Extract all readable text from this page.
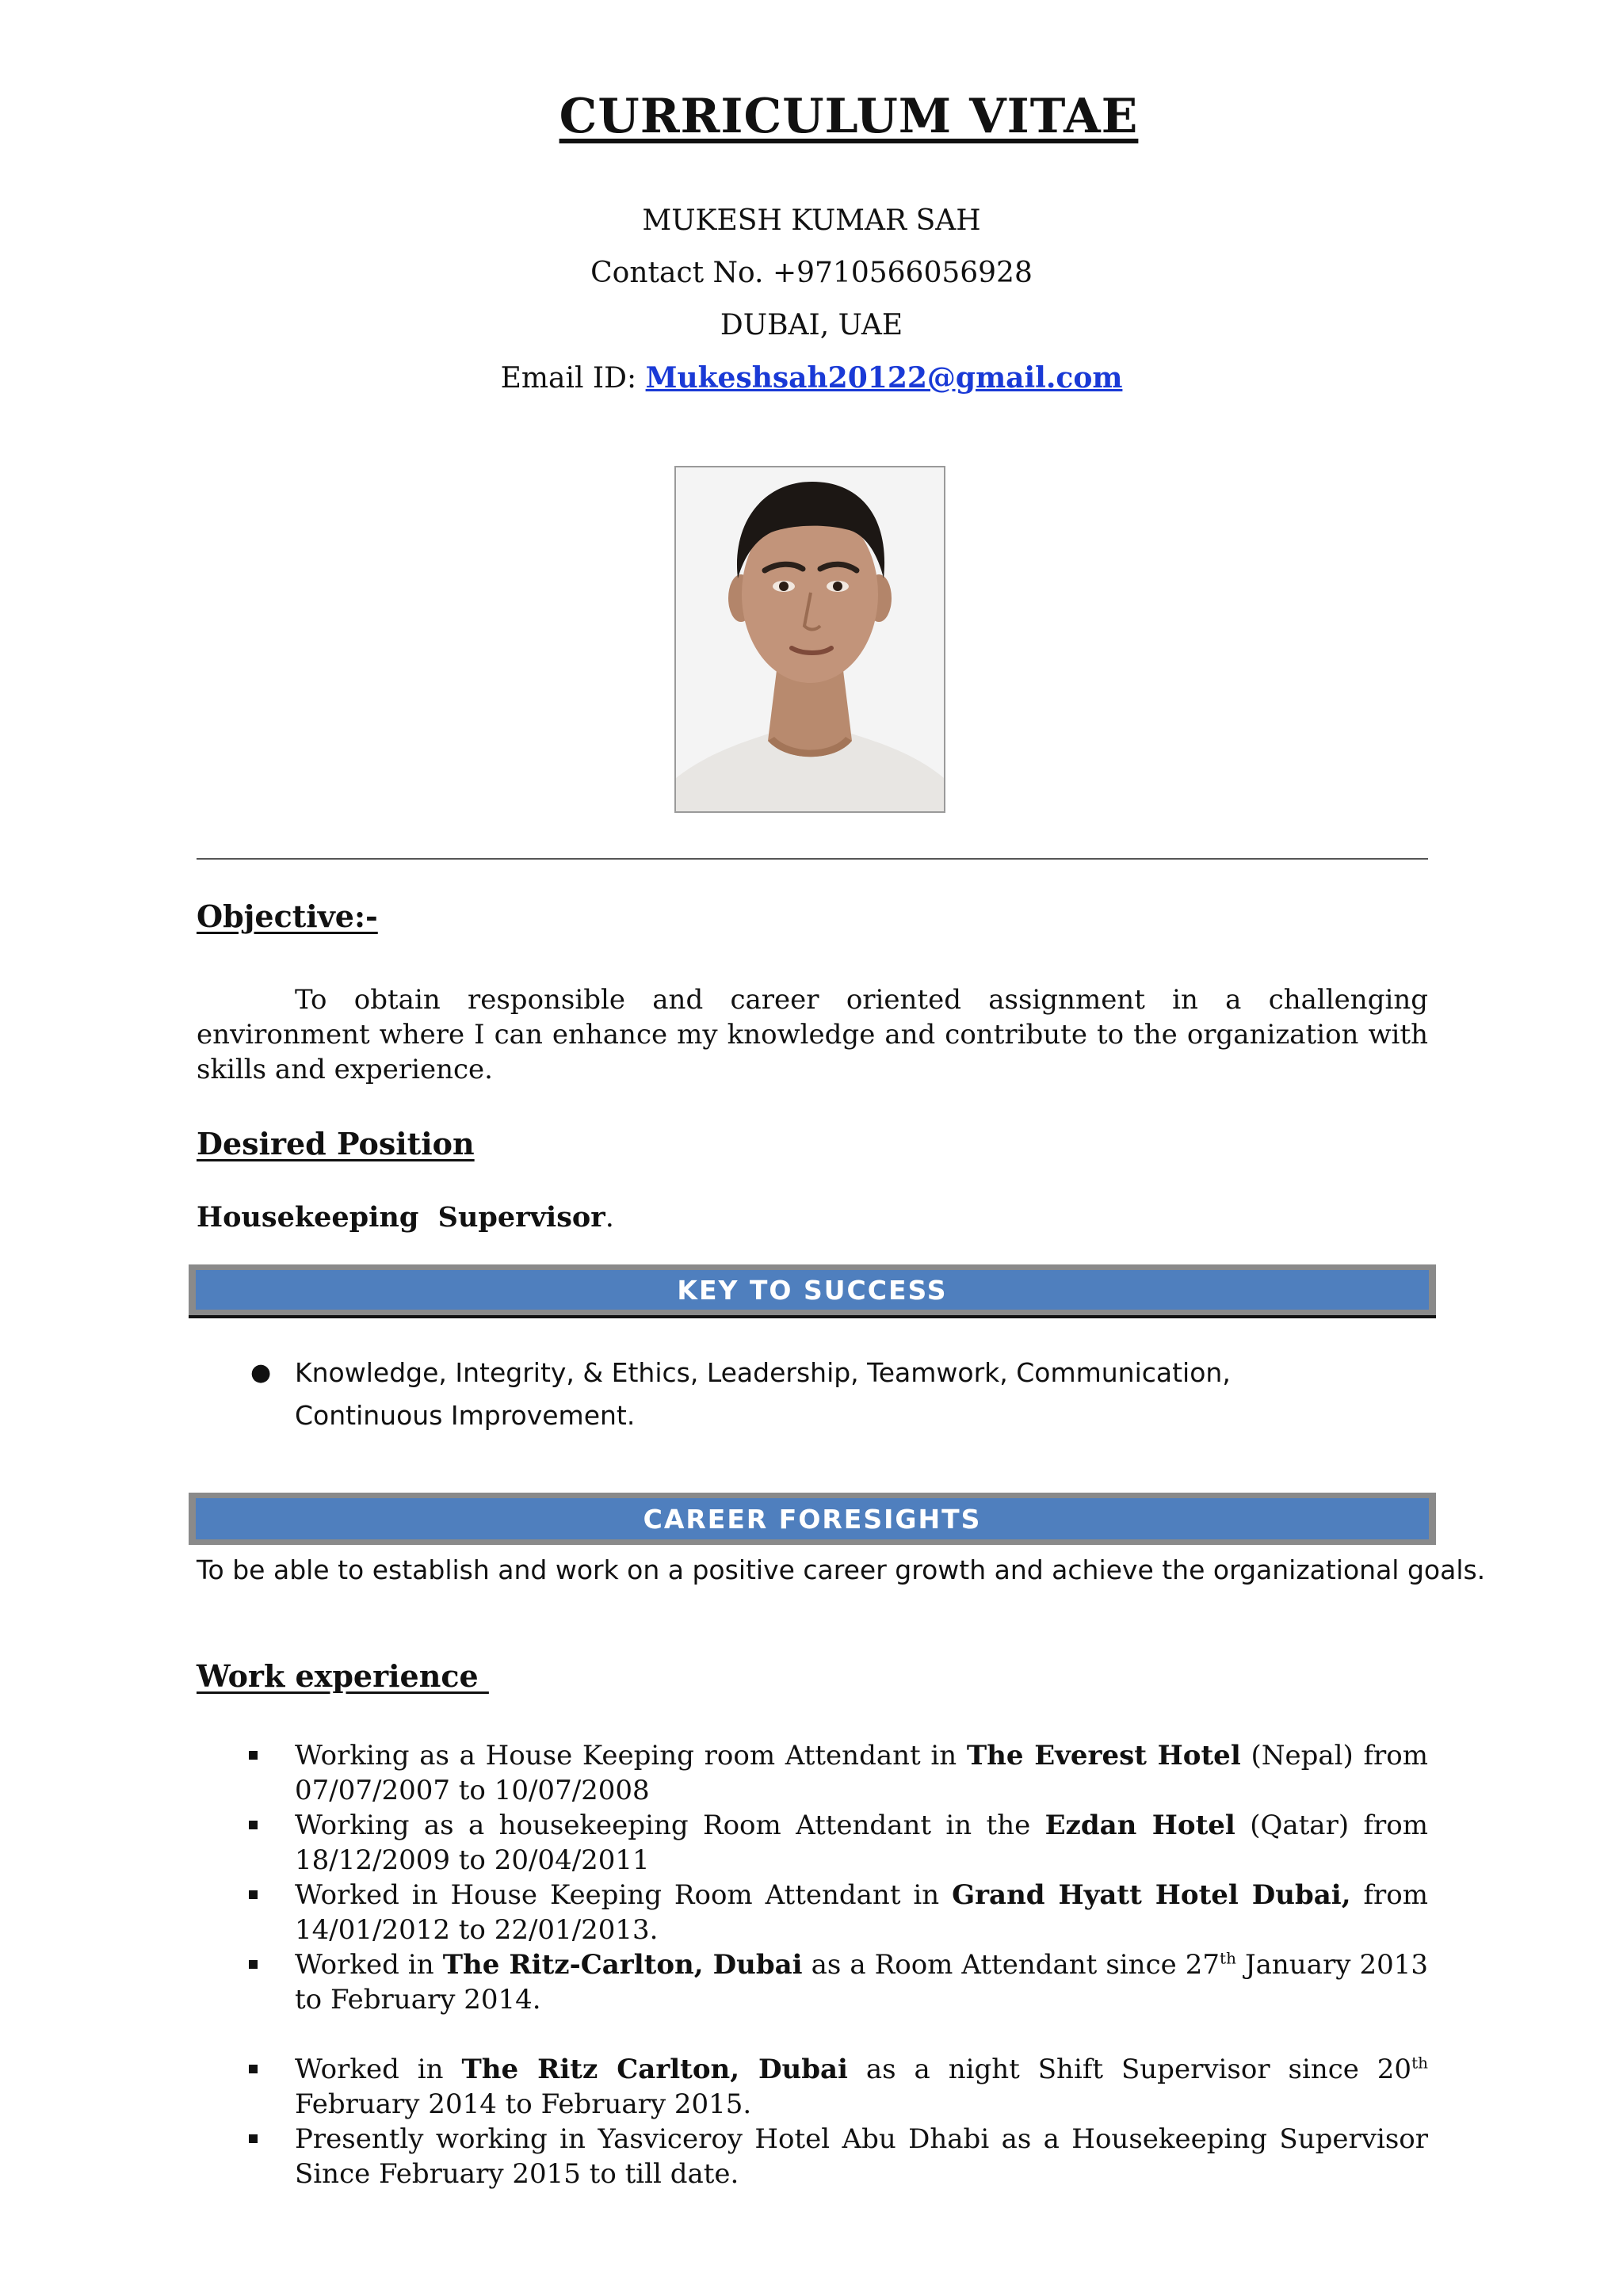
CURRICULUM VITAE
MUKESH KUMAR SAH
Contact No. +9710566056928
DUBAI, UAE
Email ID: Mukeshsah20122@gmail.com
Objective:-
To obtain responsible and career oriented assignment in a challenging environment where I can enhance my knowledge and contribute to the organization with skills and experience.
Desired Position
Housekeeping  Supervisor.
KEY TO SUCCESS
● Knowledge, Integrity, & Ethics, Leadership, Teamwork, Communication, Continuous Improvement.
CAREER FORESIGHTS
To be able to establish and work on a positive career growth and achieve the organizational goals.
Work experience
Working as a House Keeping room Attendant in The Everest Hotel (Nepal) from 07/07/2007 to 10/07/2008
Working as a housekeeping Room Attendant in the Ezdan Hotel (Qatar) from 18/12/2009 to 20/04/2011
Worked in House Keeping Room Attendant in Grand Hyatt Hotel Dubai, from 14/01/2012 to 22/01/2013.
Worked in The Ritz-Carlton, Dubai as a Room Attendant since 27th January 2013 to February 2014.
Worked in The Ritz Carlton, Dubai as a night Shift Supervisor since 20th February 2014 to February 2015.
Presently working in Yasviceroy Hotel Abu Dhabi as a Housekeeping Supervisor Since February 2015 to till date.
